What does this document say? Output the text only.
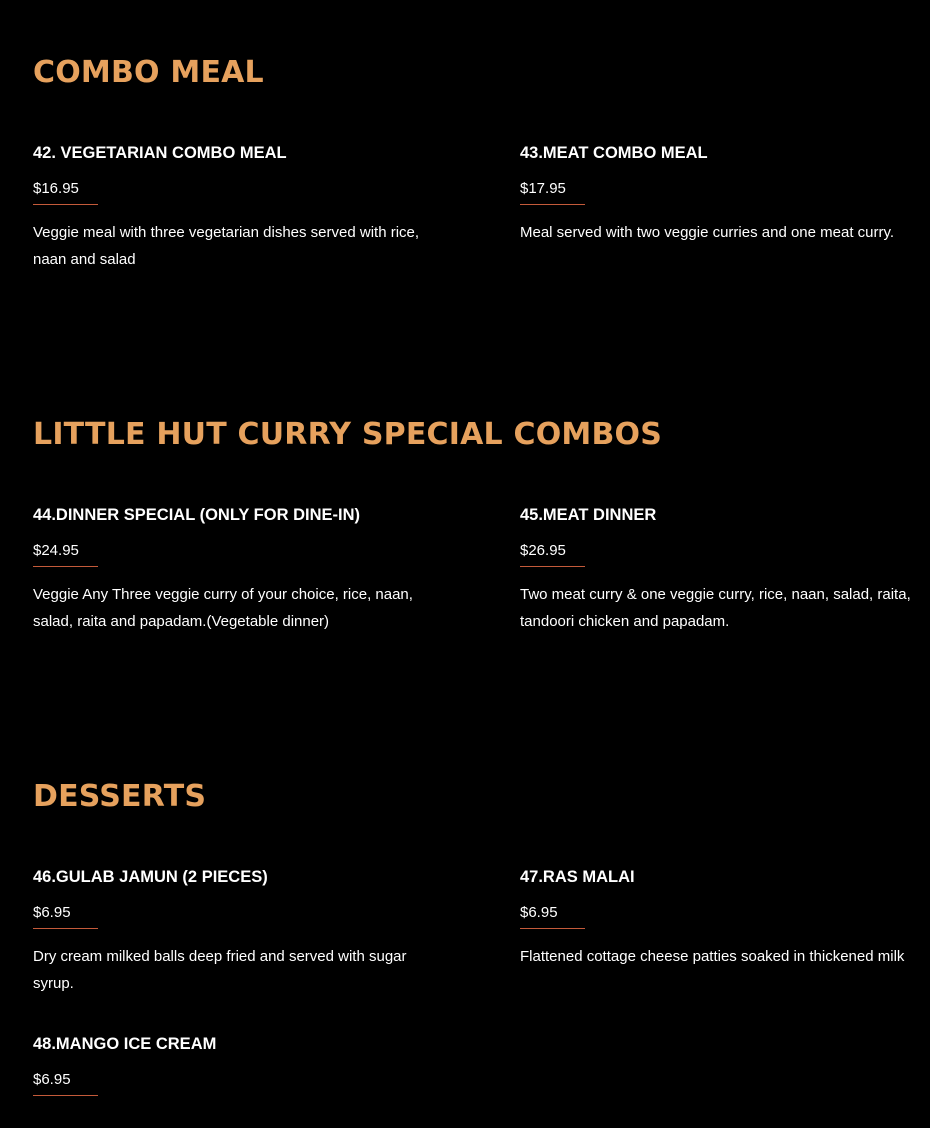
COMBO MEAL
42. VEGETARIAN COMBO MEAL
$16.95

Veggie meal with three vegetarian dishes served with rice, naan and salad

43.MEAT COMBO MEAL
$17.95

Meal served with two veggie curries and one meat curry.

LITTLE HUT CURRY SPECIAL COMBOS
44.DINNER SPECIAL (ONLY FOR DINE-IN)
$24.95

Veggie Any Three veggie curry of your choice, rice, naan, salad, raita and papadam.(Vegetable dinner)

45.MEAT DINNER
$26.95

Two meat curry & one veggie curry, rice, naan, salad, raita, tandoori chicken and papadam.

DESSERTS
46.GULAB JAMUN (2 PIECES)
$6.95

Dry cream milked balls deep fried and served with sugar syrup.

47.RAS MALAI
$6.95

Flattened cottage cheese patties soaked in thickened milk

48.MANGO ICE CREAM
$6.95
